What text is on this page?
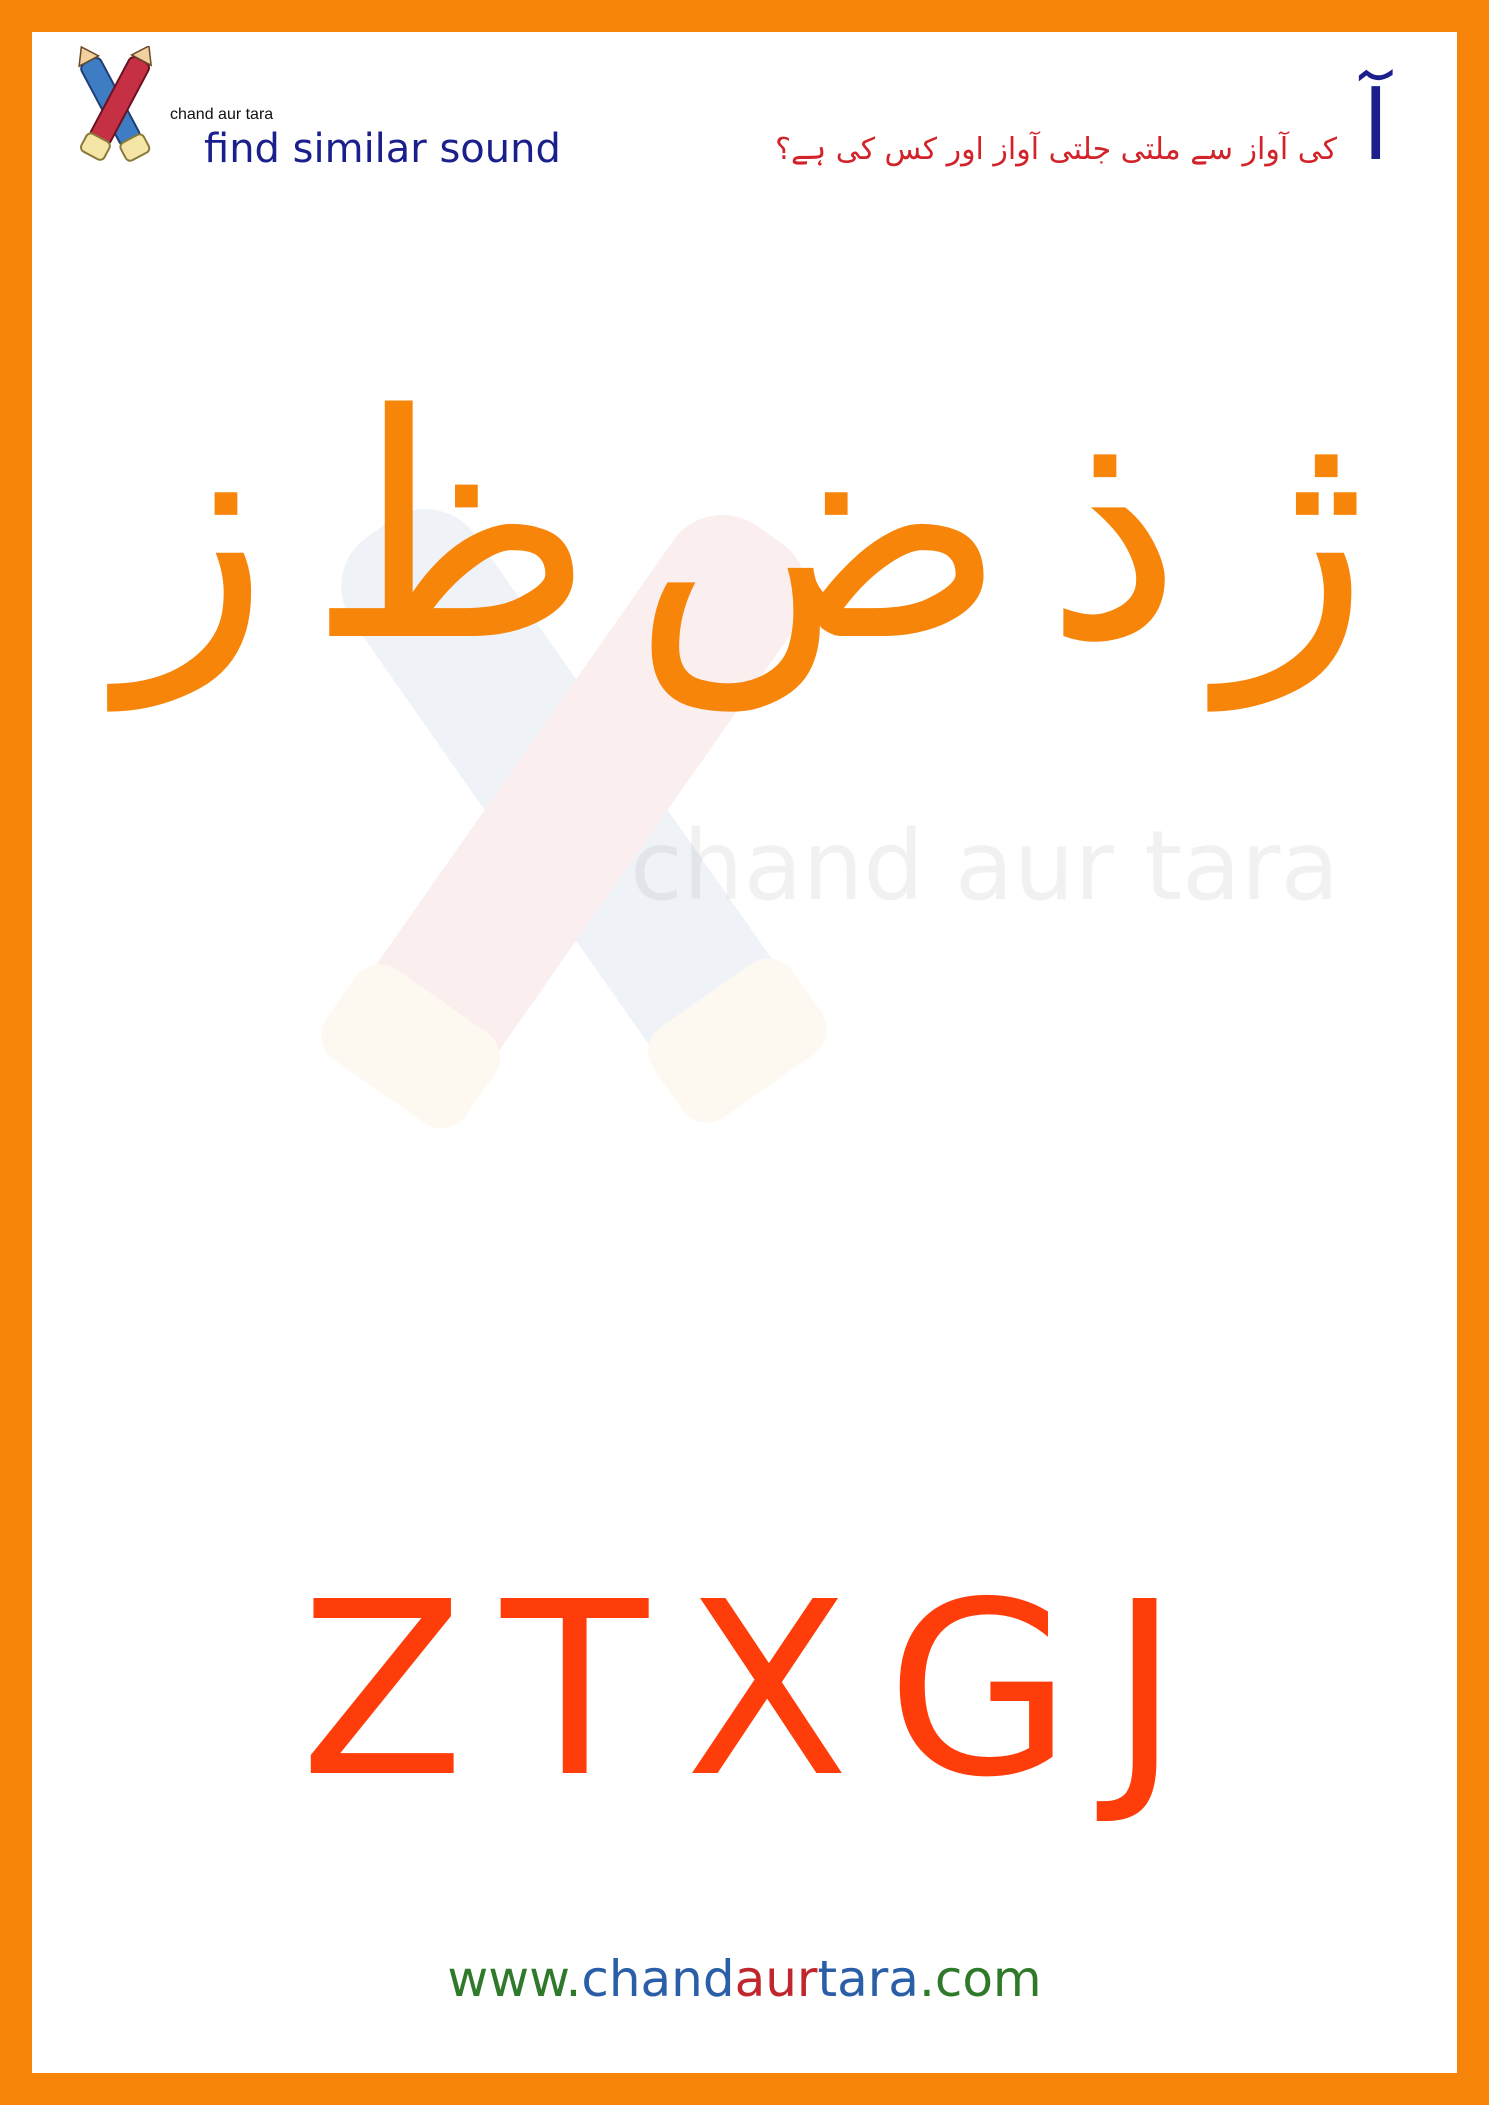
chand aur tara
chand aur tara
find similar sound	آ
کی آواز سے ملتی جلتی آواز اور کس کی ہے؟
ژ
ذ
ض
ظ
ز
Z T X G J
www.chandaurtara.com
